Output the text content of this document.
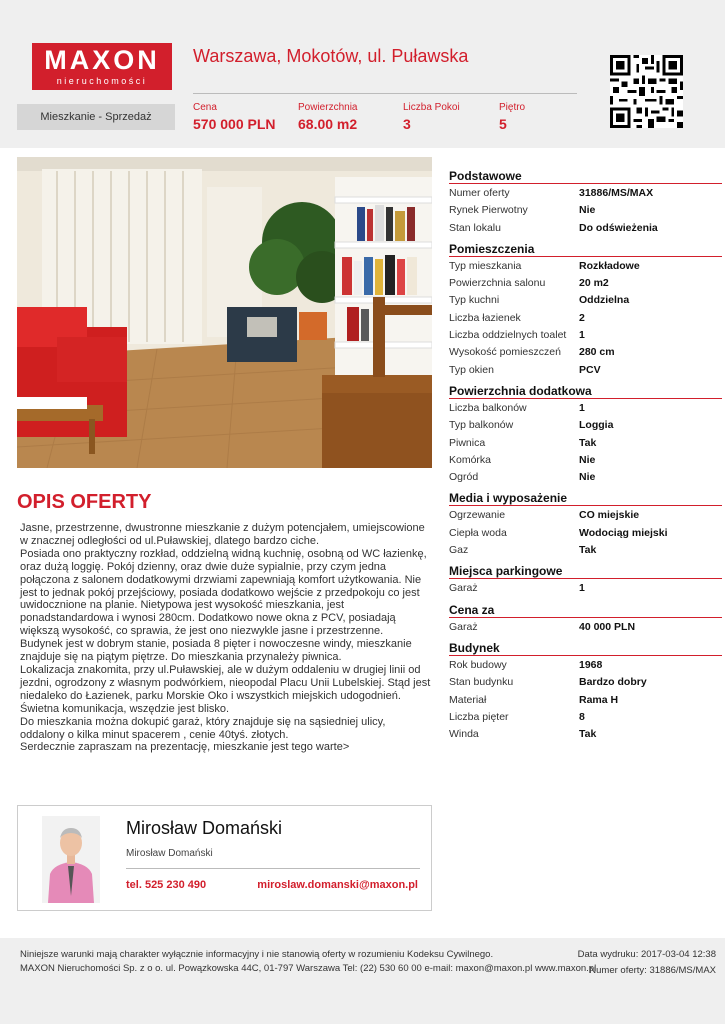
MAXON
nieruchomości
Warszawa, Mokotów, ul. Puławska
Mieszkanie - Sprzedaż
Cena
570 000 PLN
Powierzchnia
68.00 m2
Liczba Pokoi
3
Piętro
5
OPIS OFERTY
Jasne, przestrzenne, dwustronne mieszkanie z dużym potencjałem, umiejscowione w znacznej odległości od ul.Puławskiej, dlatego bardzo ciche.
Posiada ono praktyczny rozkład, oddzielną widną kuchnię, osobną od WC łazienkę, oraz dużą loggię. Pokój dzienny, oraz dwie duże sypialnie, przy czym jedna połączona z salonem dodatkowymi drzwiami zapewniają komfort użytkowania. Nie jest to jednak pokój przejściowy, posiada dodatkowo wejście z przedpokoju co jest uwidocznione na planie. Nietypowa jest wysokość mieszkania, jest ponadstandardowa i wynosi 280cm. Dodatkowo nowe okna z PCV, posiadają większą wysokość, co sprawia, że jest ono niezwykle jasne i przestrzenne.
Budynek jest w dobrym stanie, posiada 8 pięter i nowoczesne windy, mieszkanie znajduje się na piątym piętrze. Do mieszkania przynależy piwnica.
Lokalizacja znakomita, przy ul.Puławskiej, ale w dużym oddaleniu w drugiej linii od jezdni, ogrodzony z własnym podwórkiem, nieopodal Placu Unii Lubelskiej. Stąd jest niedaleko do Łazienek, parku Morskie Oko i wszystkich miejskich udogodnień. Świetna komunikacja, wszędzie jest blisko.
Do mieszkania można dokupić garaż, który znajduje się na sąsiedniej ulicy, oddalony o kilka minut spacerem , cenie 40tyś. złotych.
Serdecznie zapraszam na prezentację, mieszkanie jest tego warte>
Podstawowe
Numer oferty	31886/MS/MAX
Rynek Pierwotny	Nie
Stan lokalu	Do odświeżenia
Pomieszczenia
Typ mieszkania	Rozkładowe
Powierzchnia salonu	20 m2
Typ kuchni	Oddzielna
Liczba łazienek	2
Liczba oddzielnych toalet	1
Wysokość pomieszczeń	280 cm
Typ okien	PCV
Powierzchnia dodatkowa
Liczba balkonów	1
Typ balkonów	Loggia
Piwnica	Tak
Komórka	Nie
Ogród	Nie
Media i wyposażenie
Ogrzewanie	CO miejskie
Ciepła woda	Wodociąg miejski
Gaz	Tak
Miejsca parkingowe
Garaż	1
Cena za
Garaż	40 000 PLN
Budynek
Rok budowy	1968
Stan budynku	Bardzo dobry
Materiał	Rama H
Liczba pięter	8
Winda	Tak
Mirosław Domański
Mirosław Domański
tel. 525 230 490	miroslaw.domanski@maxon.pl
Niniejsze warunki mają charakter wyłącznie informacyjny i nie stanowią oferty w rozumieniu Kodeksu Cywilnego.
MAXON Nieruchomości Sp. z o o. ul. Powązkowska 44C, 01-797 Warszawa Tel: (22) 530 60 00 e-mail: maxon@maxon.pl www.maxon.pl
Data wydruku: 2017-03-04 12:38
Numer oferty: 31886/MS/MAX
